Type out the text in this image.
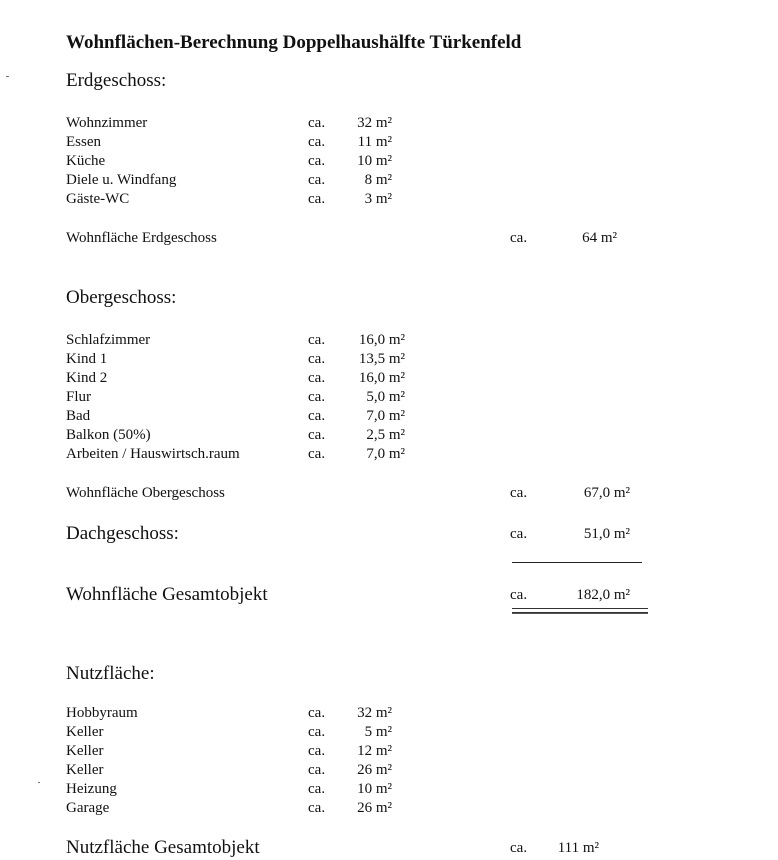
Wohnflächen-Berechnung Doppelhaushälfte Türkenfeld
Erdgeschoss:
Wohnzimmer	ca.	32 m²
Essen	ca.	11 m²
Küche	ca.	10 m²
Diele u. Windfang	ca.	8 m²
Gäste-WC	ca.	3 m²
Wohnfläche Erdgeschoss	ca.	64 m²
Obergeschoss:
Schlafzimmer	ca.	16,0 m²
Kind 1	ca.	13,5 m²
Kind 2	ca.	16,0 m²
Flur	ca.	5,0 m²
Bad	ca.	7,0 m²
Balkon (50%)	ca.	2,5 m²
Arbeiten / Hauswirtsch.raum	ca.	7,0 m²
Wohnfläche Obergeschoss	ca.	67,0 m²
Dachgeschoss:	ca.	51,0 m²
Wohnfläche Gesamtobjekt	ca.	182,0 m²
Nutzfläche:
Hobbyraum	ca.	32 m²
Keller	ca.	5 m²
Keller	ca.	12 m²
Keller	ca.	26 m²
Heizung	ca.	10 m²
Garage	ca.	26 m²
Nutzfläche Gesamtobjekt	ca.	111 m²
